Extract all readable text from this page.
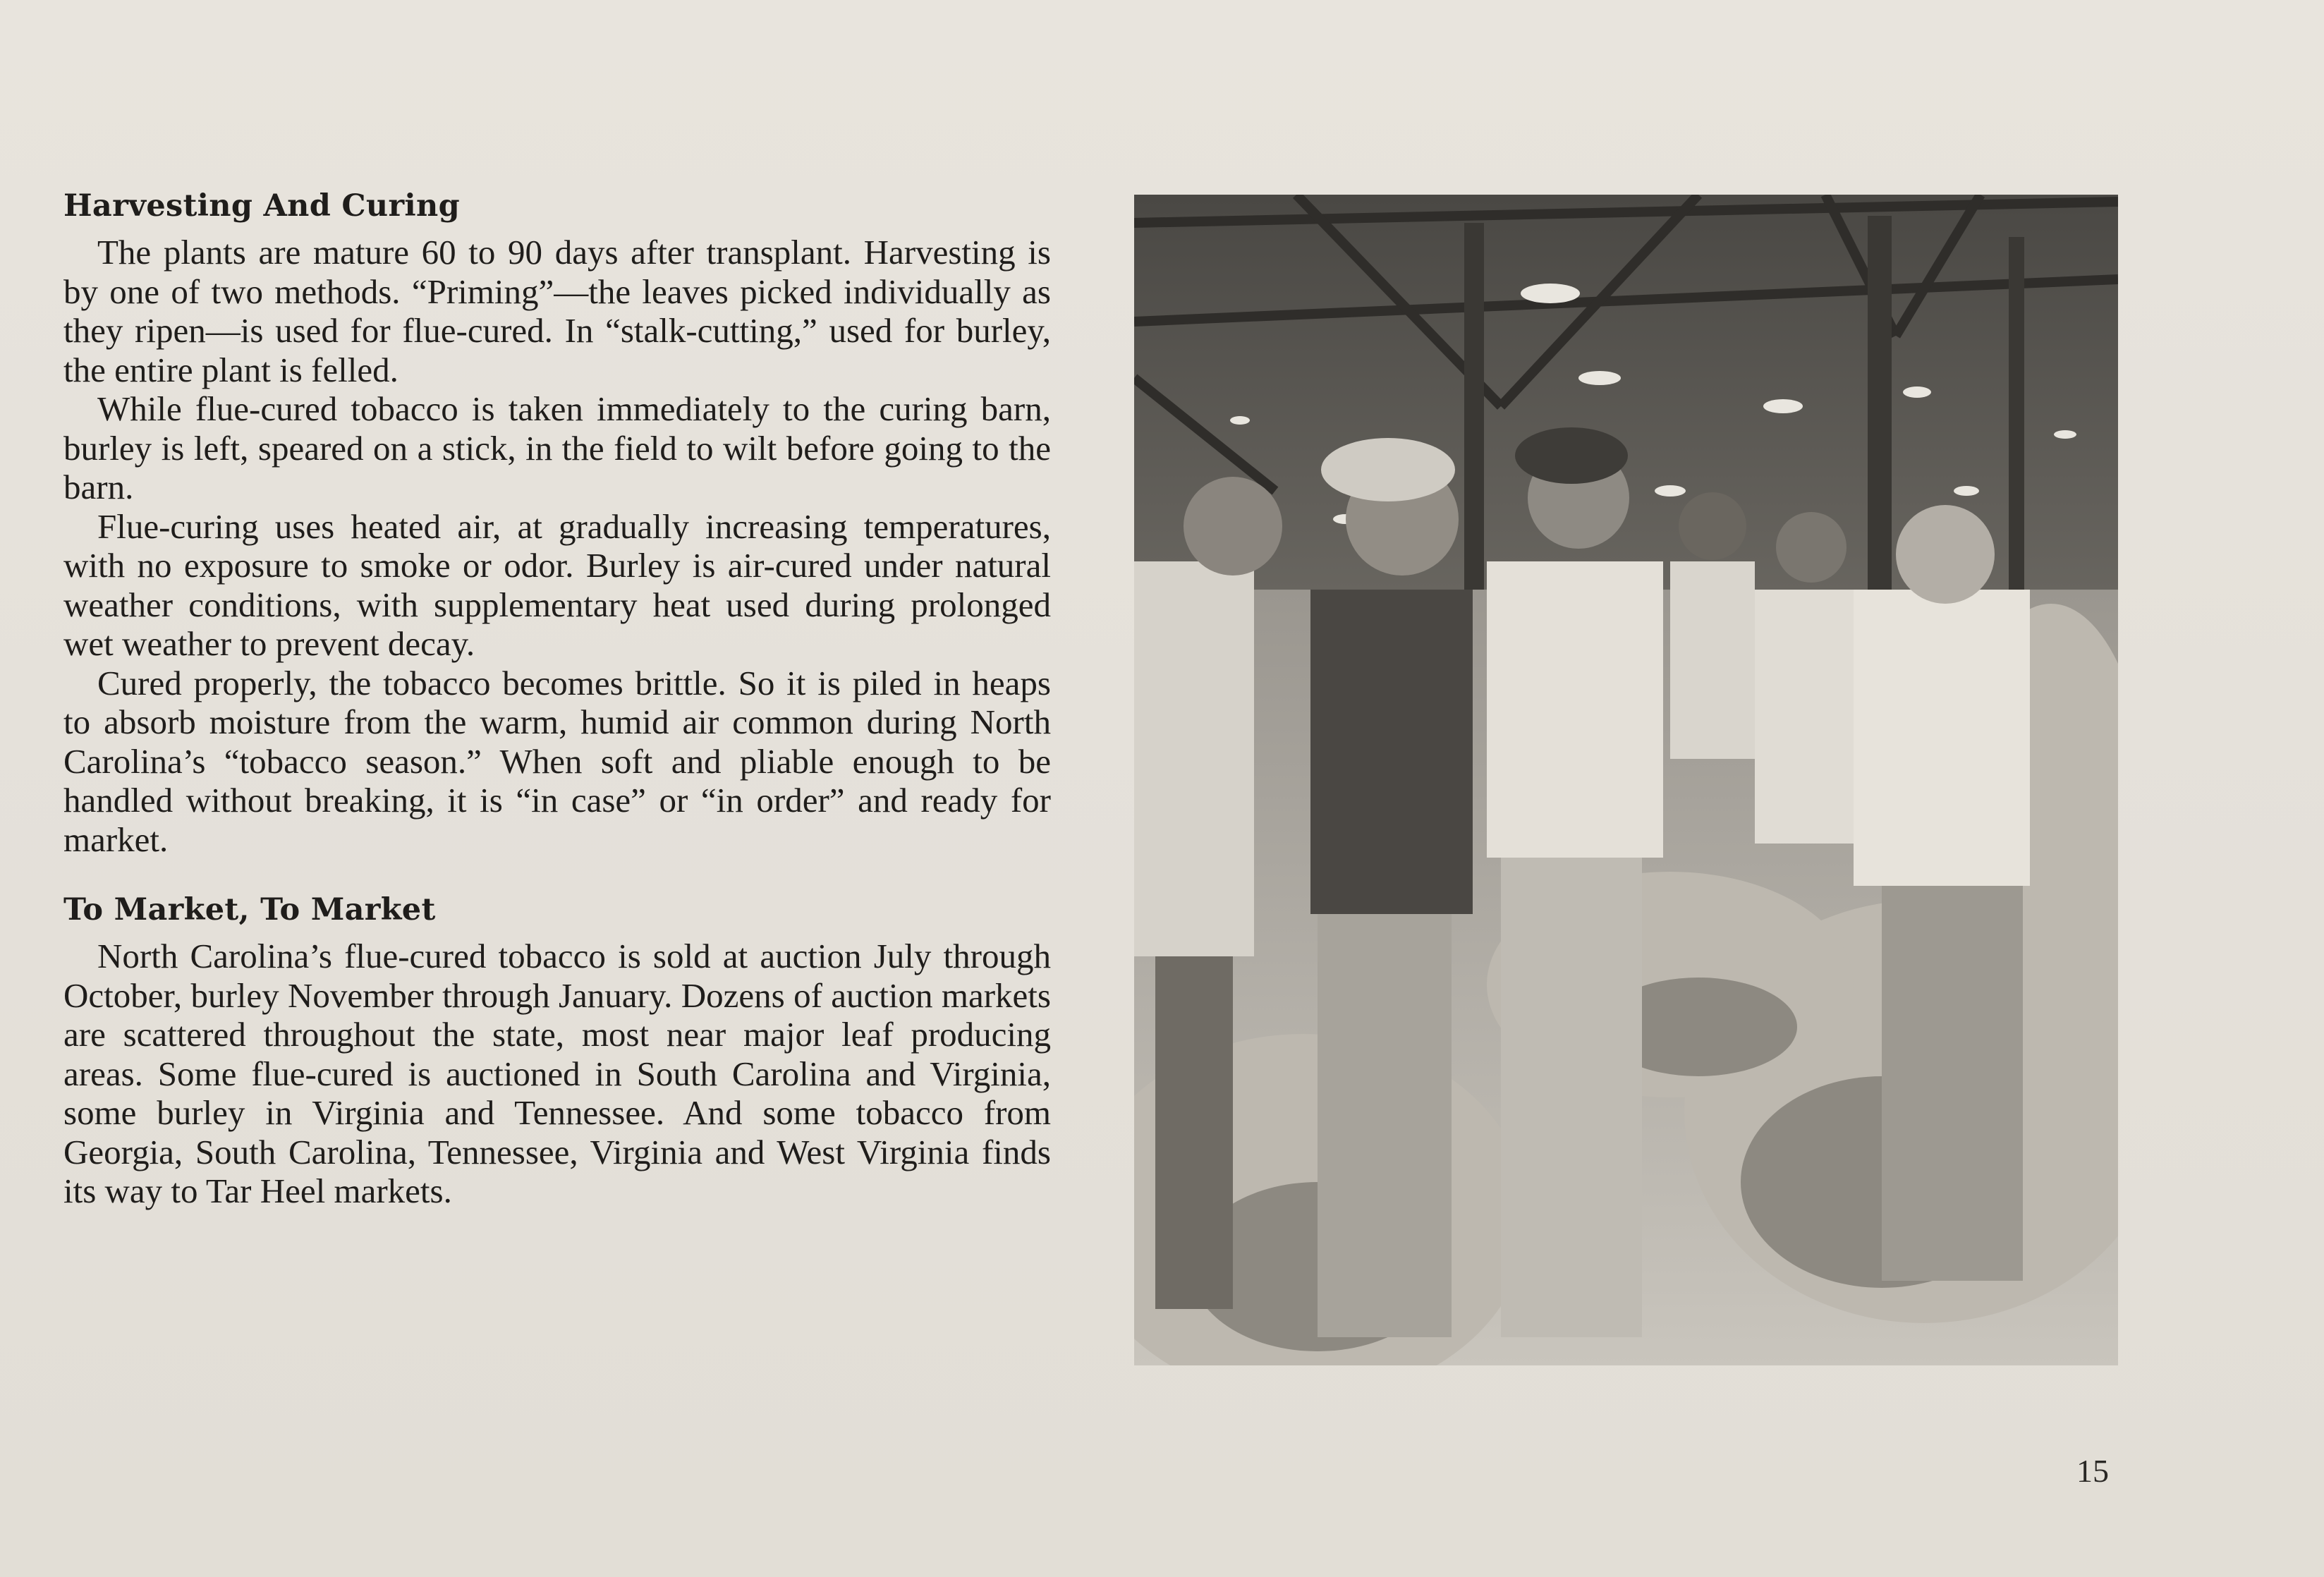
Harvesting And Curing

The plants are mature 60 to 90 days after transplant. Harvesting is by one of two methods. “Priming”—the leaves picked individually as they ripen—is used for flue-cured. In “stalk-cutting,” used for burley, the entire plant is felled.

While flue-cured tobacco is taken immediately to the curing barn, burley is left, speared on a stick, in the field to wilt before going to the barn.

Flue-curing uses heated air, at gradually increasing temperatures, with no exposure to smoke or odor. Burley is air-cured under natural weather conditions, with supplementary heat used during prolonged wet weather to prevent decay.

Cured properly, the tobacco becomes brittle. So it is piled in heaps to absorb moisture from the warm, humid air common during North Carolina’s “tobacco season.” When soft and pliable enough to be handled without breaking, it is “in case” or “in order” and ready for market.

To Market, To Market

North Carolina’s flue-cured tobacco is sold at auction July through October, burley November through January. Dozens of auction markets are scattered throughout the state, most near major leaf producing areas. Some flue-cured is auctioned in South Carolina and Virginia, some burley in Virginia and Tennessee. And some tobacco from Georgia, South Carolina, Tennessee, Virginia and West Virginia finds its way to Tar Heel markets.

15
